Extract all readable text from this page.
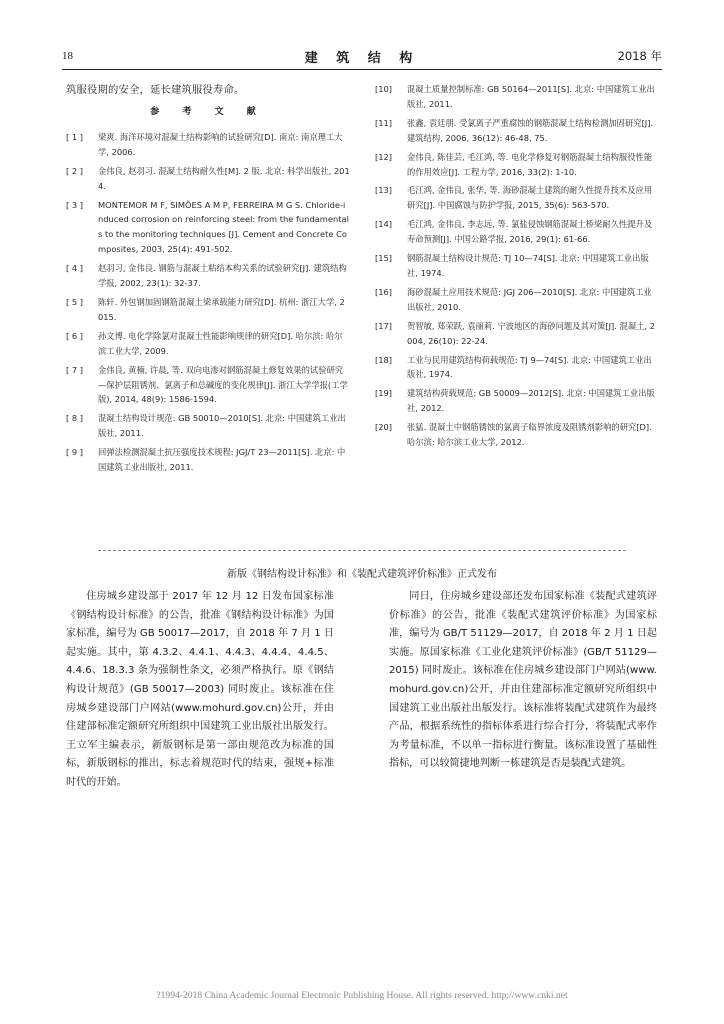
18	建 筑 结 构	2018 年

筑服役期的安全，延长建筑服役寿命。

参 考 文 献
[ 1 ] 梁爽. 海洋环境对混凝土结构影响的试验研究[D]. 南京: 南京理工大学, 2006.
[ 2 ] 金伟良, 赵羽习. 混凝土结构耐久性[M]. 2 版. 北京: 科学出版社, 2014.
[ 3 ] MONTEMOR M F, SIMÕES A M P, FERREIRA M G S. Chloride-induced corrosion on reinforcing steel: from the fundamentals to the monitoring techniques [J]. Cement and Concrete Composites, 2003, 25(4): 491-502.
[ 4 ] 赵羽习, 金伟良. 钢筋与混凝土粘结本构关系的试验研究[J]. 建筑结构学报, 2002, 23(1): 32-37.
[ 5 ] 陈轩. 外包钢加固钢筋混凝土梁承载能力研究[D]. 杭州: 浙江大学, 2015.
[ 6 ] 孙文博. 电化学除氯对混凝土性能影响规律的研究[D]. 哈尔滨: 哈尔滨工业大学, 2009.
[ 7 ] 金伟良, 黄楠, 许晨, 等. 双向电渗对钢筋混凝土修复效果的试验研究—保护层阻锈剂、氯离子和总碱度的变化规律[J]. 浙江大学学报(工学版), 2014, 48(9): 1586-1594.
[ 8 ] 混凝土结构设计规范: GB 50010—2010[S]. 北京: 中国建筑工业出版社, 2011.
[ 9 ] 回弹法检测混凝土抗压强度技术规程: JGJ/T 23—2011[S]. 北京: 中国建筑工业出版社, 2011.
[10] 混凝土质量控制标准: GB 50164—2011[S]. 北京: 中国建筑工业出版社, 2011.
[11] 张鑫, 袁廷朋. 受氯离子严重腐蚀的钢筋混凝土结构检测加固研究[J]. 建筑结构, 2006, 36(12): 46-48, 75.
[12] 金伟良, 陈佳芸, 毛江鸿, 等. 电化学修复对钢筋混凝土结构服役性能的作用效应[J]. 工程力学, 2016, 33(2): 1-10.
[13] 毛江鸿, 金伟良, 张华, 等. 海砂混凝土建筑的耐久性提升技术及应用研究[J]. 中国腐蚀与防护学报, 2015, 35(6): 563-570.
[14] 毛江鸿, 金伟良, 李志远, 等. 氯盐侵蚀钢筋混凝土桥梁耐久性提升及寿命预测[J]. 中国公路学报, 2016, 29(1): 61-66.
[15] 钢筋混凝土结构设计规范: TJ 10—74[S]. 北京: 中国建筑工业出版社, 1974.
[16] 海砂混凝土应用技术规范: JGJ 206—2010[S]. 北京: 中国建筑工业出版社, 2010.
[17] 贺智敏, 郑荣跃, 袁丽莉. 宁波地区的海砂问题及其对策[J]. 混凝土, 2004, 26(10): 22-24.
[18] 工业与民用建筑结构荷载规范: TJ 9—74[S]. 北京: 中国建筑工业出版社, 1974.
[19] 建筑结构荷载规范: GB 50009—2012[S]. 北京: 中国建筑工业出版社, 2012.
[20] 张猛. 混凝土中钢筋锈蚀的氯离子临界浓度及阻锈剂影响的研究[D]. 哈尔滨: 哈尔滨工业大学, 2012.
新版《钢结构设计标准》和《装配式建筑评价标准》正式发布

住房城乡建设部于 2017 年 12 月 12 日发布国家标准《钢结构设计标准》的公告，批准《钢结构设计标准》为国家标准，编号为 GB 50017—2017，自 2018 年 7 月 1 日起实施。其中，第 4.3.2、4.4.1、4.4.3、4.4.4、4.4.5、4.4.6、18.3.3 条为强制性条文，必须严格执行。原《钢结构设计规范》(GB 50017—2003) 同时废止。该标准在住房城乡建设部门户网站(www.mohurd.gov.cn)公开，并由住建部标准定额研究所组织中国建筑工业出版社出版发行。王立军主编表示，新版钢标是第一部由规范改为标准的国标，新版钢标的推出，标志着规范时代的结束，强规+标准时代的开始。

同日，住房城乡建设部还发布国家标准《装配式建筑评价标准》的公告，批准《装配式建筑评价标准》为国家标准，编号为 GB/T 51129—2017，自 2018 年 2 月 1 日起实施。原国家标准《工业化建筑评价标准》(GB/T 51129—2015) 同时废止。该标准在住房城乡建设部门户网站(www.mohurd.gov.cn)公开，并由住建部标准定额研究所组织中国建筑工业出版社出版发行。该标准将装配式建筑作为最终产品，根据系统性的指标体系进行综合打分，将装配式率作为考量标准，不以单一指标进行衡量。该标准设置了基础性指标，可以较简捷地判断一栋建筑是否是装配式建筑。

?1994-2018 China Academic Journal Electronic Publishing House. All rights reserved. http://www.cnki.net
